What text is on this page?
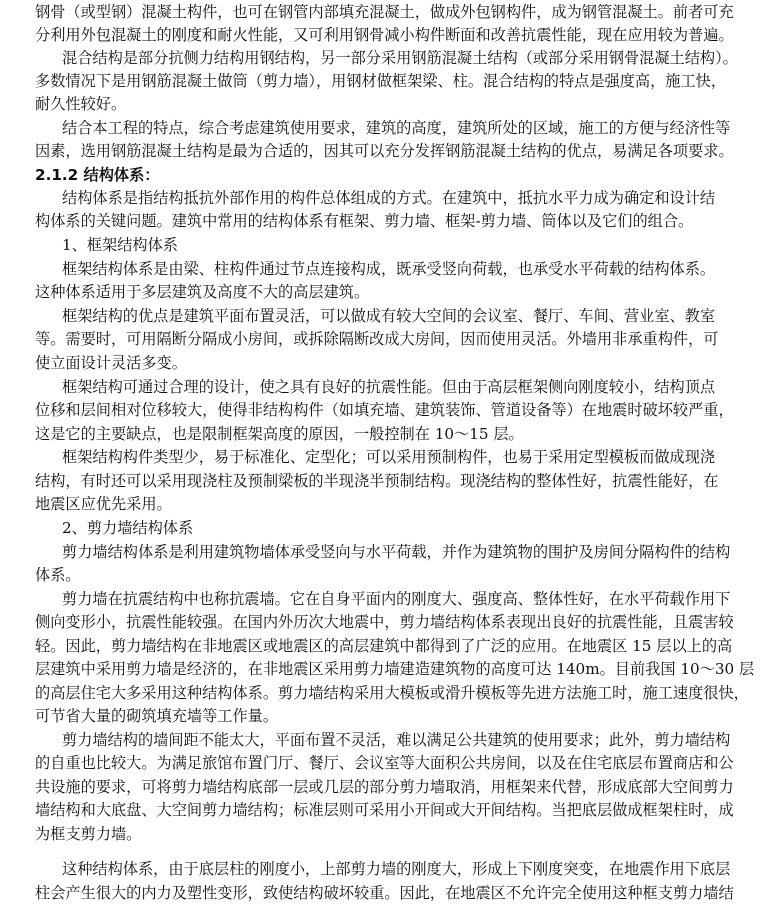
钢骨（或型钢）混凝土构件，也可在钢管内部填充混凝土，做成外包钢构件，成为钢管混凝土。前者可充
分利用外包混凝土的刚度和耐火性能，又可利用钢骨减小构件断面和改善抗震性能，现在应用较为普遍。
混合结构是部分抗侧力结构用钢结构，另一部分采用钢筋混凝土结构（或部分采用钢骨混凝土结构）。
多数情况下是用钢筋混凝土做筒（剪力墙），用钢材做框架梁、柱。混合结构的特点是强度高，施工快，
耐久性较好。
结合本工程的特点，综合考虑建筑使用要求，建筑的高度，建筑所处的区域，施工的方便与经济性等
因素，选用钢筋混凝土结构是最为合适的，因其可以充分发挥钢筋混凝土结构的优点，易满足各项要求。
2.1.2 结构体系：
结构体系是指结构抵抗外部作用的构件总体组成的方式。在建筑中，抵抗水平力成为确定和设计结
构体系的关键问题。建筑中常用的结构体系有框架、剪力墙、框架-剪力墙、筒体以及它们的组合。
1、框架结构体系
框架结构体系是由梁、柱构件通过节点连接构成，既承受竖向荷载，也承受水平荷载的结构体系。
这种体系适用于多层建筑及高度不大的高层建筑。
框架结构的优点是建筑平面布置灵活，可以做成有较大空间的会议室、餐厅、车间、营业室、教室
等。需要时，可用隔断分隔成小房间，或拆除隔断改成大房间，因而使用灵活。外墙用非承重构件，可
使立面设计灵活多变。
框架结构可通过合理的设计，使之具有良好的抗震性能。但由于高层框架侧向刚度较小，结构顶点
位移和层间相对位移较大，使得非结构构件（如填充墙、建筑装饰、管道设备等）在地震时破坏较严重，
这是它的主要缺点，也是限制框架高度的原因，一般控制在 10～15 层。
框架结构构件类型少，易于标准化、定型化；可以采用预制构件，也易于采用定型模板而做成现浇
结构，有时还可以采用现浇柱及预制梁板的半现浇半预制结构。现浇结构的整体性好，抗震性能好，在
地震区应优先采用。
2、剪力墙结构体系
剪力墙结构体系是利用建筑物墙体承受竖向与水平荷载，并作为建筑物的围护及房间分隔构件的结构
体系。
剪力墙在抗震结构中也称抗震墙。它在自身平面内的刚度大、强度高、整体性好，在水平荷载作用下
侧向变形小，抗震性能较强。在国内外历次大地震中，剪力墙结构体系表现出良好的抗震性能，且震害较
轻。因此，剪力墙结构在非地震区或地震区的高层建筑中都得到了广泛的应用。在地震区 15 层以上的高
层建筑中采用剪力墙是经济的，在非地震区采用剪力墙建造建筑物的高度可达 140m。目前我国 10～30 层
的高层住宅大多采用这种结构体系。剪力墙结构采用大模板或滑升模板等先进方法施工时，施工速度很快，
可节省大量的砌筑填充墙等工作量。
剪力墙结构的墙间距不能太大，平面布置不灵活，难以满足公共建筑的使用要求；此外，剪力墙结构
的自重也比较大。为满足旅馆布置门厅、餐厅、会议室等大面积公共房间，以及在住宅底层布置商店和公
共设施的要求，可将剪力墙结构底部一层或几层的部分剪力墙取消，用框架来代替，形成底部大空间剪力
墙结构和大底盘、大空间剪力墙结构；标准层则可采用小开间或大开间结构。当把底层做成框架柱时，成
为框支剪力墙。
这种结构体系，由于底层柱的刚度小，上部剪力墙的刚度大，形成上下刚度突变，在地震作用下底层
柱会产生很大的内力及塑性变形，致使结构破坏较重。因此，在地震区不允许完全使用这种框支剪力墙结
